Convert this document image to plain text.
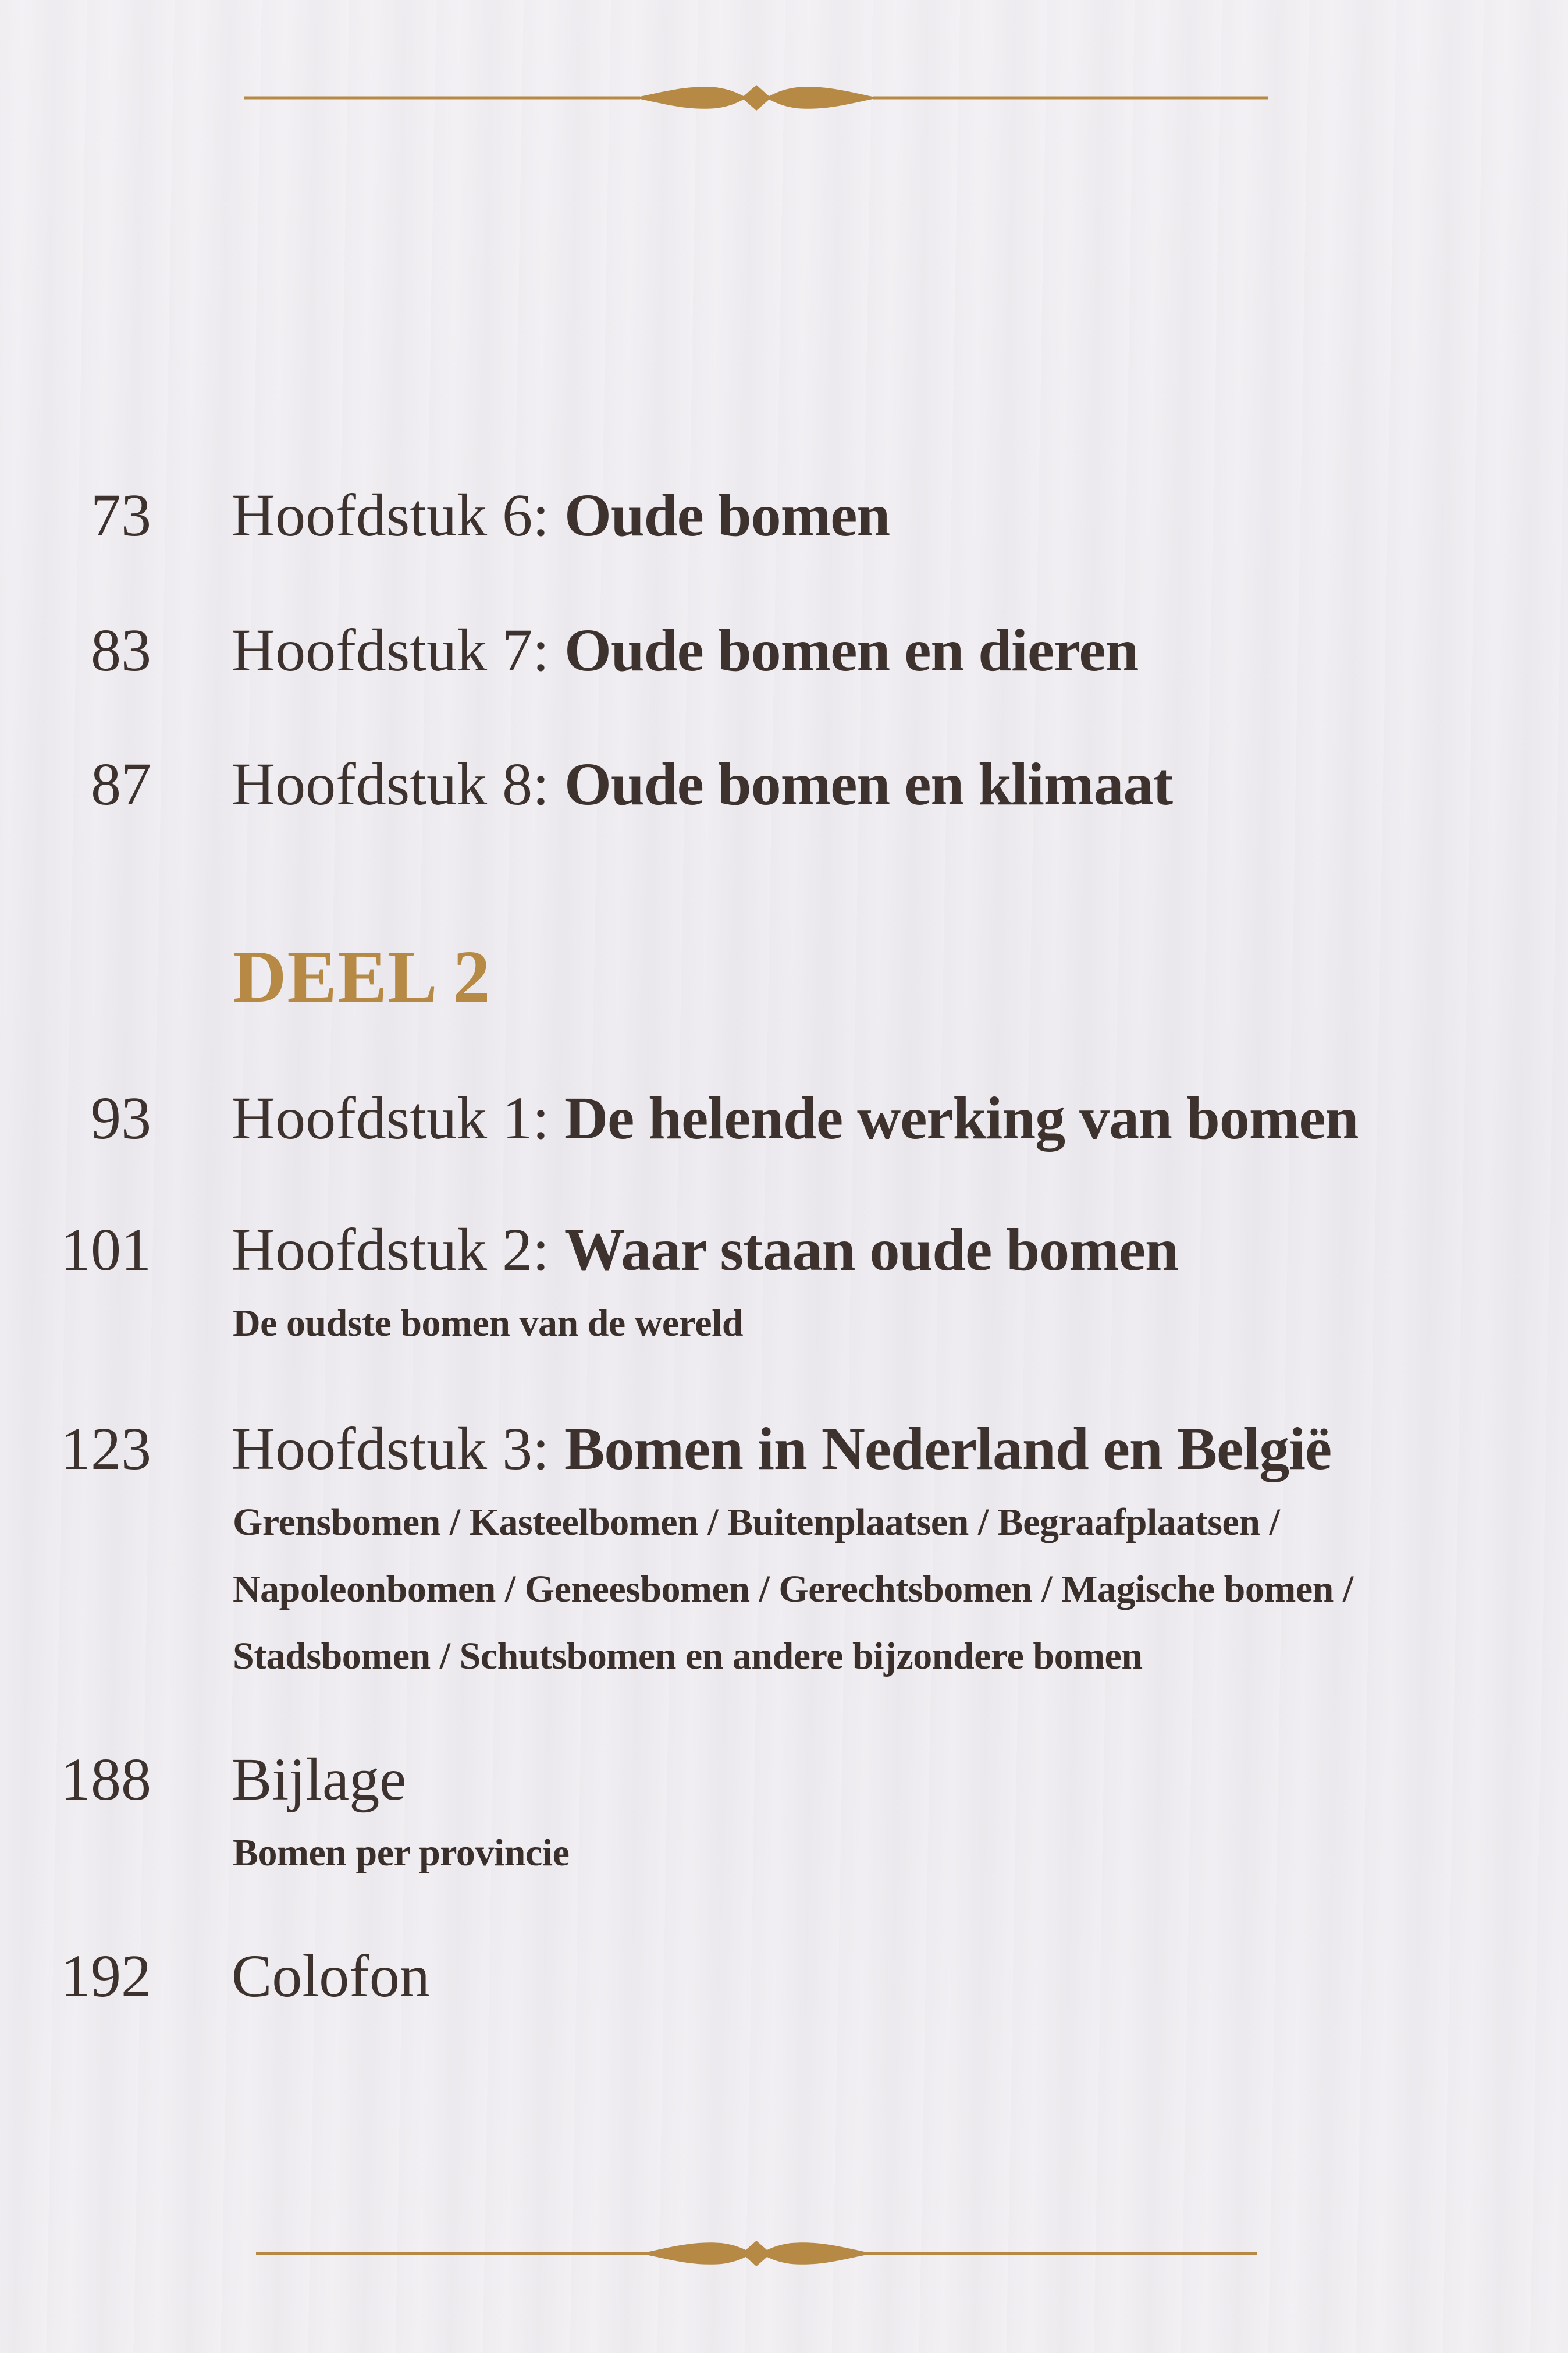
73 Hoofdstuk 6: Oude bomen
83 Hoofdstuk 7: Oude bomen en dieren
87 Hoofdstuk 8: Oude bomen en klimaat
DEEL 2
93 Hoofdstuk 1: De helende werking van bomen
101 Hoofdstuk 2: Waar staan oude bomen
De oudste bomen van de wereld
123 Hoofdstuk 3: Bomen in Nederland en België
Grensbomen / Kasteelbomen / Buitenplaatsen / Begraafplaatsen / Napoleonbomen / Geneesbomen / Gerechtsbomen / Magische bomen / Stadsbomen / Schutsbomen en andere bijzondere bomen
188 Bijlage
Bomen per provincie
192 Colofon
